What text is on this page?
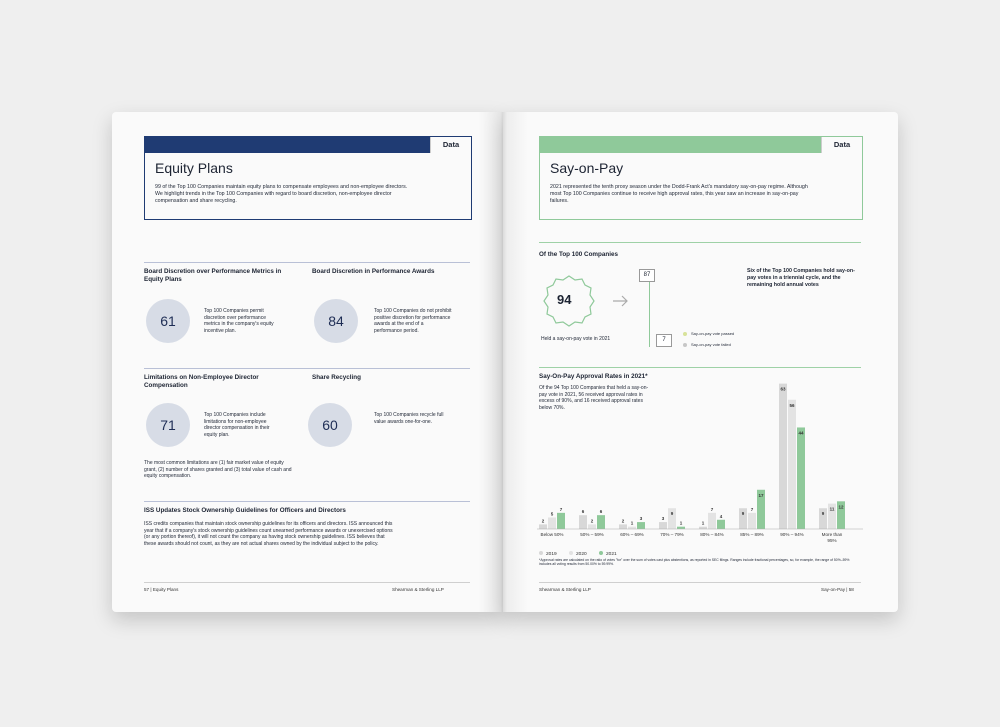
Data
Equity Plans
99 of the Top 100 Companies maintain equity plans to compensate employees and non-employee directors. We highlight trends in the Top 100 Companies with regard to board discretion, non-employee director compensation and share recycling.
Board Discretion over Performance Metrics in Equity Plans
61
Top 100 Companies permit discretion over performance metrics in the company's equity incentive plan.
Board Discretion in Performance Awards
84
Top 100 Companies do not prohibit positive discretion for performance awards at the end of a performance period.
Limitations on Non-Employee Director Compensation
71
Top 100 Companies include limitations for non-employee director compensation in their equity plan.
Share Recycling
60
Top 100 Companies recycle full value awards one-for-one.
The most common limitations are (1) fair market value of equity grant, (2) number of shares granted and (3) total value of cash and equity compensation.
ISS Updates Stock Ownership Guidelines for Officers and Directors
ISS credits companies that maintain stock ownership guidelines for its officers and directors. ISS announced this year that if a company's stock ownership guidelines count unearned performance awards or unexercised options (or any portion thereof), it will not count the company as having stock ownership guidelines. ISS believes that these awards should not count, as they are not actual shares owned by the individual subject to the policy.
57 | Equity Plans	Shearman & Sterling LLP
Data
Say-on-Pay
2021 represented the tenth proxy season under the Dodd-Frank Act's mandatory say-on-pay regime. Although most Top 100 Companies continue to receive high approval rates, this year saw an increase in say-on-pay failures.
Of the Top 100 Companies
94
Held a say-on-pay vote in 2021
87
7
Say-on-pay vote passed
Say-on-pay vote failed
Six of the Top 100 Companies hold say-on-pay votes in a triennial cycle, and the remaining hold annual votes
Say-On-Pay Approval Rates in 2021*
Of the 94 Top 100 Companies that held a say-on-pay vote in 2021, 56 received approval rates in excess of 90%, and 16 received approval rates below 70%.
2
5
7
Below 50%
6
2
6
50% – 59%
2 1
3
60% – 69%
3
9
1
70% – 79%
1
7
4
80% – 84%
9
7
17
85% – 89%
63
56
44
90% – 94%
9
11 12
More than 95%
2019	2020	2021
*Approval rates are calculated on the ratio of votes "for" over the sum of votes cast plus abstentions, as reported in SEC filings. Ranges include fractional percentages, so, for example, the range of 50%–59% includes all voting results from 50.00% to 59.99%.
Shearman & Sterling LLP	Say-on-Pay | 58
